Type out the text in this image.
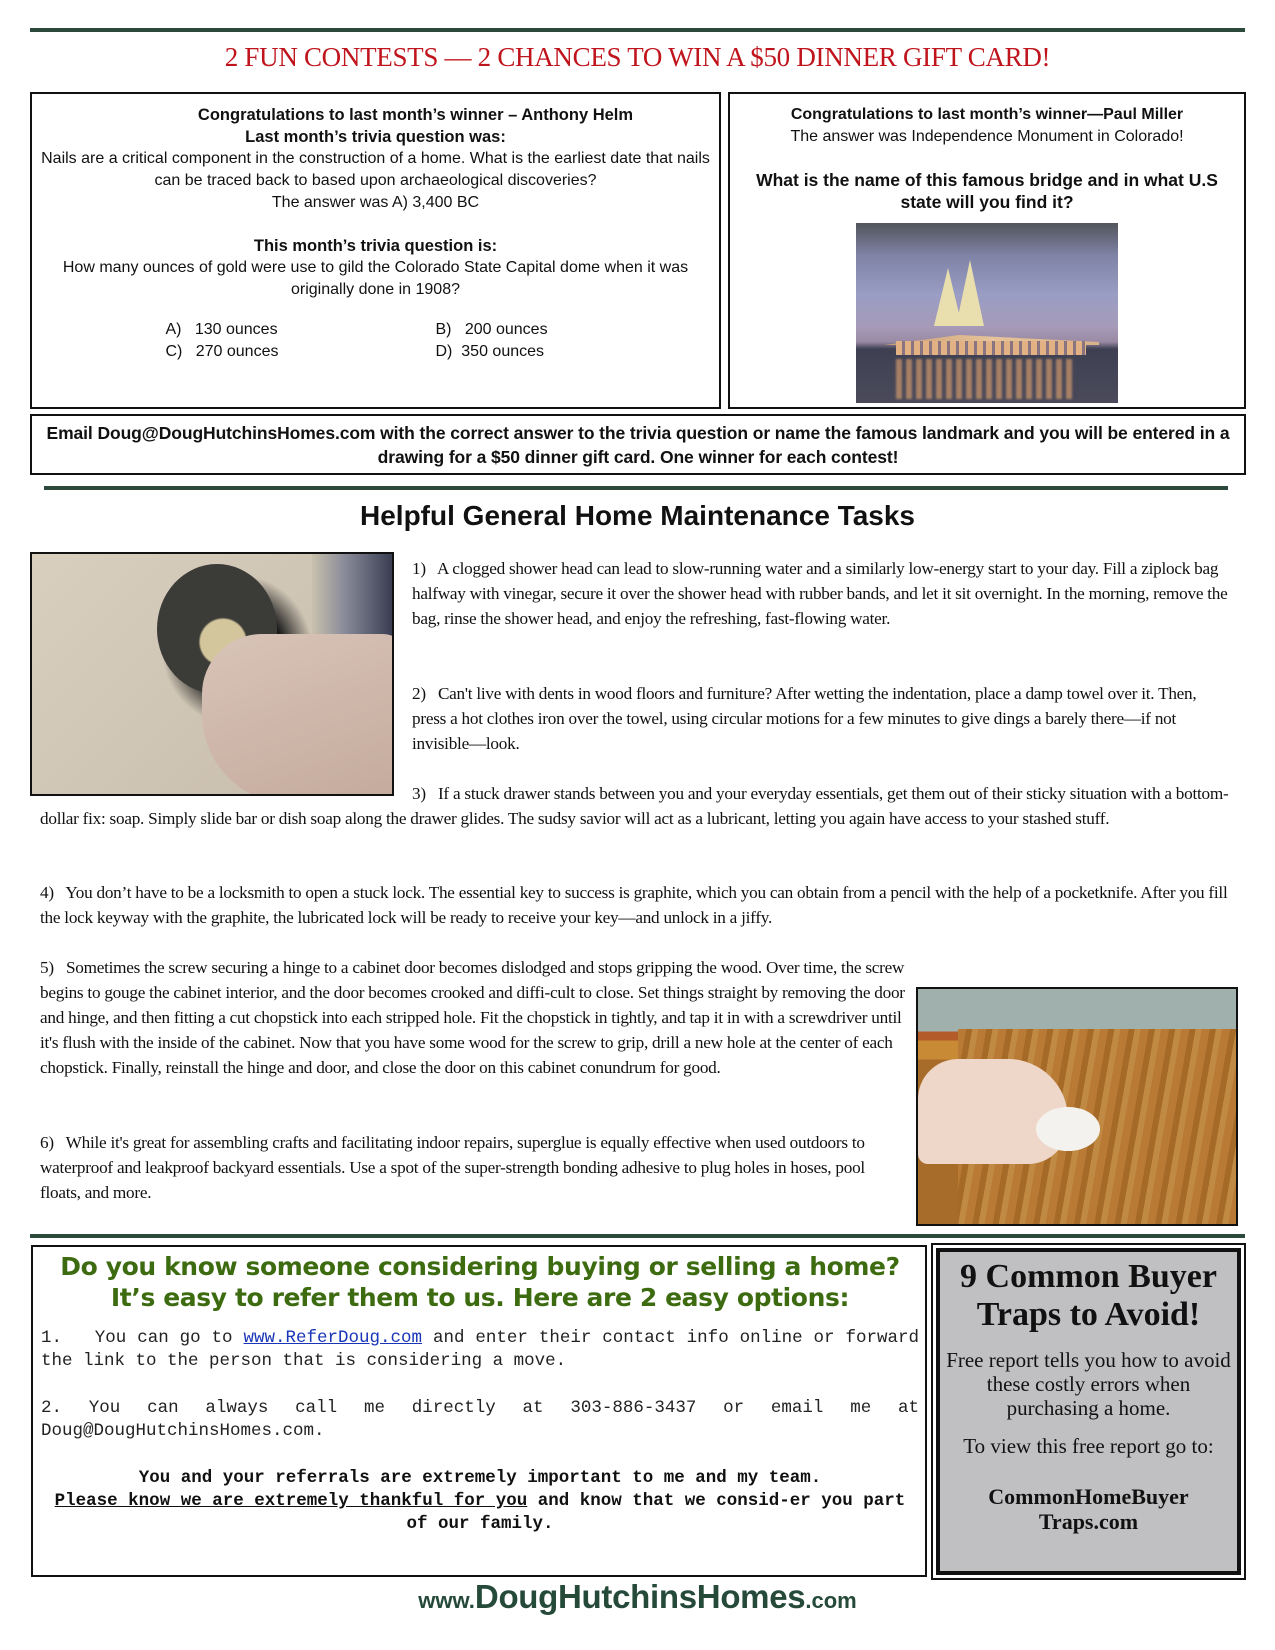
2 FUN CONTESTS — 2 CHANCES TO WIN A $50 DINNER GIFT CARD!
Congratulations to last month’s winner – Anthony Helm
Last month’s trivia question was:
Nails are a critical component in the construction of a home. What is the earliest date that nails can be traced back to based upon archaeological discoveries?
The answer was A) 3,400 BC
This month’s trivia question is:
How many ounces of gold were use to gild the Colorado State Capital dome when it was originally done in 1908?
A) 130 ounces	B) 200 ounces
C) 270 ounces	D) 350 ounces
Congratulations to last month’s winner—Paul Miller
The answer was Independence Monument in Colorado!
What is the name of this famous bridge and in what U.S state will you find it?
Email Doug@DougHutchinsHomes.com with the correct answer to the trivia question or name the famous landmark and you will be entered in a drawing for a $50 dinner gift card. One winner for each contest!
Helpful General Home Maintenance Tasks
1)   A clogged shower head can lead to slow-running water and a similarly low-energy start to your day. Fill a ziplock bag halfway with vinegar, secure it over the shower head with rubber bands, and let it sit overnight. In the morning, remove the bag, rinse the shower head, and enjoy the refreshing, fast-flowing water.
2)   Can't live with dents in wood floors and furniture? After wetting the indentation, place a damp towel over it. Then, press a hot clothes iron over the towel, using circular motions for a few minutes to give dings a barely there—if not invisible—look.
3)   If a stuck drawer stands between you and your everyday essentials, get them out of their sticky situation with a bottom-dollar fix: soap. Simply slide bar or dish soap along the drawer glides. The sudsy savior will act as a lubricant, letting you again have access to your stashed stuff.
4)   You don’t have to be a locksmith to open a stuck lock. The essential key to success is graphite, which you can obtain from a pencil with the help of a pocketknife. After you fill the lock keyway with the graphite, the lubricated lock will be ready to receive your key—and unlock in a jiffy.
5)   Sometimes the screw securing a hinge to a cabinet door becomes dislodged and stops gripping the wood. Over time, the screw begins to gouge the cabinet interior, and the door becomes crooked and diffi-cult to close. Set things straight by removing the door and hinge, and then fitting a cut chopstick into each stripped hole. Fit the chopstick in tightly, and tap it in with a screwdriver until it's flush with the inside of the cabinet. Now that you have some wood for the screw to grip, drill a new hole at the center of each chopstick. Finally, reinstall the hinge and door, and close the door on this cabinet conundrum for good.
6)   While it's great for assembling crafts and facilitating indoor repairs, superglue is equally effective when used outdoors to waterproof and leakproof backyard essentials. Use a spot of the super-strength bonding adhesive to plug holes in hoses, pool floats, and more.
Do you know someone considering buying or selling a home?
It’s easy to refer them to us. Here are 2 easy options:
1.   You can go to www.ReferDoug.com and enter their contact info online or forward the link to the person that is considering a move.
2. You can always call me directly at 303-886-3437 or email me at Doug@DougHutchinsHomes.com.
You and your referrals are extremely important to me and my team.
Please know we are extremely thankful for you and know that we consid-er you part of our family.
9 Common Buyer Traps to Avoid!
Free report tells you how to avoid these costly errors when purchasing a home.
To view this free report go to:
CommonHomeBuyer
Traps.com
www.DougHutchinsHomes.com
